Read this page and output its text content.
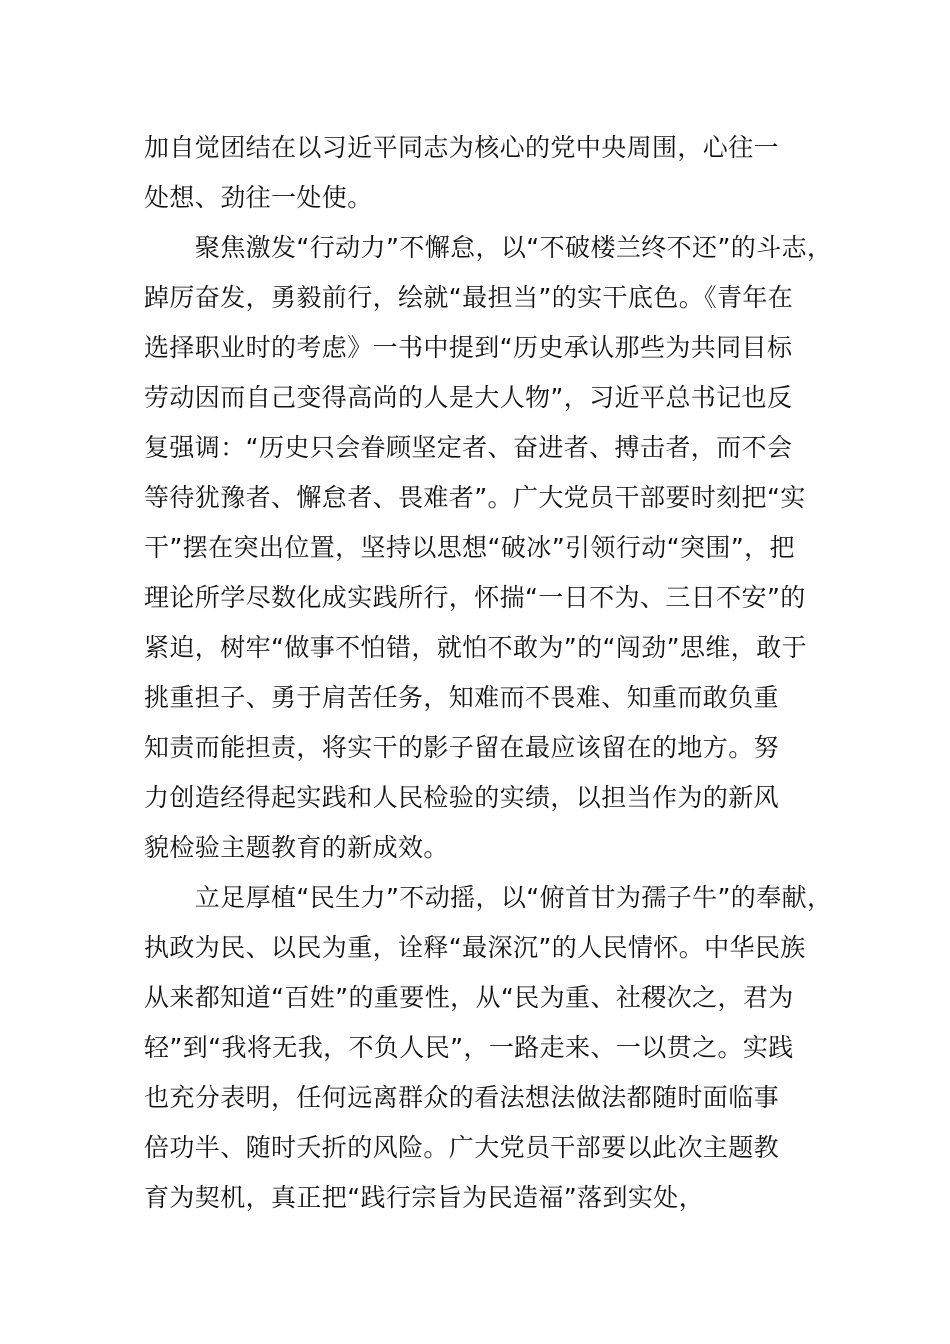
加自觉团结在以习近平同志为核心的党中央周围，心往一
处想、劲往一处使。
　　聚焦激发“行动力”不懈怠，以“不破楼兰终不还”的斗志，
踔厉奋发，勇毅前行，绘就“最担当”的实干底色。《青年在
选择职业时的考虑》一书中提到“历史承认那些为共同目标
劳动因而自己变得高尚的人是大人物”，习近平总书记也反
复强调：“历史只会眷顾坚定者、奋进者、搏击者，而不会
等待犹豫者、懈怠者、畏难者”。广大党员干部要时刻把“实
干”摆在突出位置，坚持以思想“破冰”引领行动“突围”，把
理论所学尽数化成实践所行，怀揣“一日不为、三日不安”的
紧迫，树牢“做事不怕错，就怕不敢为”的“闯劲”思维，敢于
挑重担子、勇于肩苦任务，知难而不畏难、知重而敢负重
知责而能担责，将实干的影子留在最应该留在的地方。努
力创造经得起实践和人民检验的实绩，以担当作为的新风
貌检验主题教育的新成效。
　　立足厚植“民生力”不动摇，以“俯首甘为孺子牛”的奉献，
执政为民、以民为重，诠释“最深沉”的人民情怀。中华民族
从来都知道“百姓”的重要性，从“民为重、社稷次之，君为
轻”到“我将无我，不负人民”，一路走来、一以贯之。实践
也充分表明，任何远离群众的看法想法做法都随时面临事
倍功半、随时夭折的风险。广大党员干部要以此次主题教
育为契机，真正把“践行宗旨为民造福”落到实处，
